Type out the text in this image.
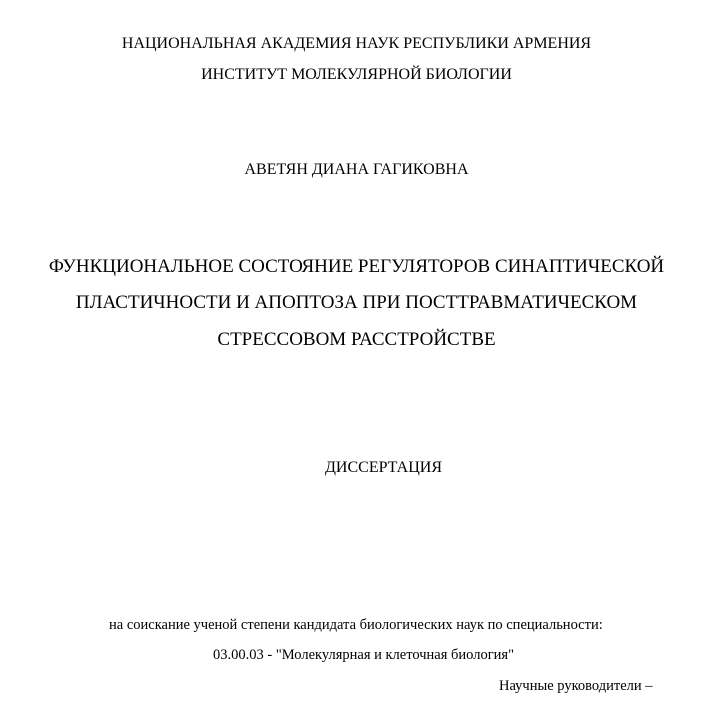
НАЦИОНАЛЬНАЯ АКАДЕМИЯ НАУК РЕСПУБЛИКИ АРМЕНИЯ
ИНСТИТУТ МОЛЕКУЛЯРНОЙ БИОЛОГИИ
АВЕТЯН ДИАНА ГАГИКОВНА
ФУНКЦИОНАЛЬНОЕ СОСТОЯНИЕ РЕГУЛЯТОРОВ СИНАПТИЧЕСКОЙ
ПЛАСТИЧНОСТИ И АПОПТОЗА ПРИ ПОСТТРАВМАТИЧЕСКОМ
СТРЕССОВОМ РАССТРОЙСТВЕ
ДИССЕРТАЦИЯ
на соискание ученой степени кандидата биологических наук по специальности:
03.00.03 - "Молекулярная и клеточная биология"
Научные руководители –
